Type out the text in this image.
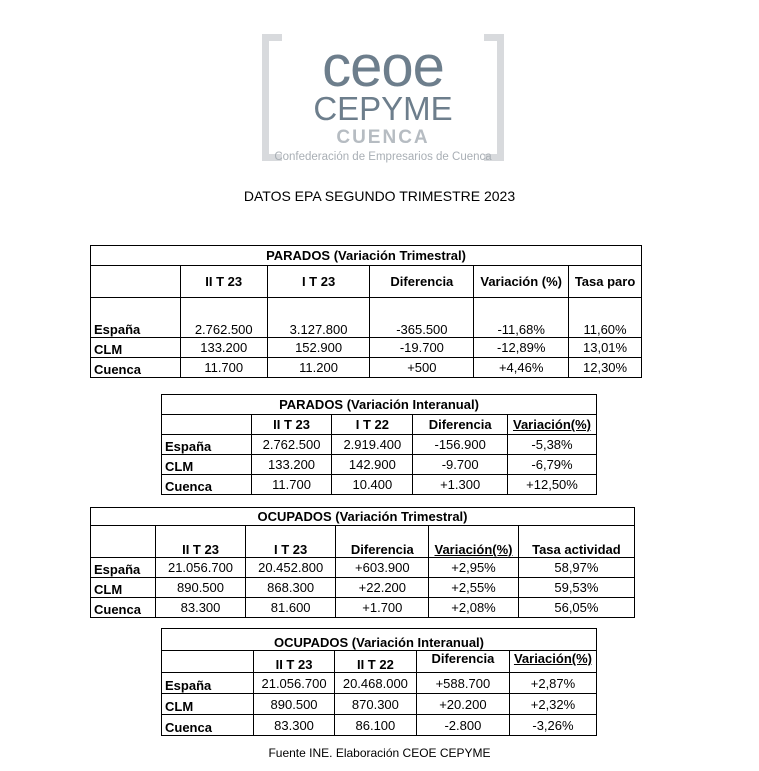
ceoe
CEPYME
CUENCA
Confederación de Empresarios de Cuenca
DATOS EPA SEGUNDO TRIMESTRE 2023
PARADOS (Variación Trimestral)					
	II T 23	I T 23	Diferencia	Variación (%)	Tasa paro
España	2.762.500	3.127.800	-365.500	-11,68%	11,60%
CLM	133.200	152.900	-19.700	-12,89%	13,01%
Cuenca	11.700	11.200	+500	+4,46%	12,30%
PARADOS (Variación Interanual)				
	II T 23	I T 22	Diferencia	Variación(%)
España	2.762.500	2.919.400	-156.900	-5,38%
CLM	133.200	142.900	-9.700	-6,79%
Cuenca	11.700	10.400	+1.300	+12,50%
OCUPADOS (Variación Trimestral)					
	II T 23	I T 23	Diferencia	Variación(%)	Tasa actividad
España	21.056.700	20.452.800	+603.900	+2,95%	58,97%
CLM	890.500	868.300	+22.200	+2,55%	59,53%
Cuenca	83.300	81.600	+1.700	+2,08%	56,05%
OCUPADOS (Variación Interanual)				
	II T 23	II T 22	Diferencia	Variación(%)
España	21.056.700	20.468.000	+588.700	+2,87%
CLM	890.500	870.300	+20.200	+2,32%
Cuenca	83.300	86.100	-2.800	-3,26%
Fuente INE. Elaboración CEOE CEPYME
